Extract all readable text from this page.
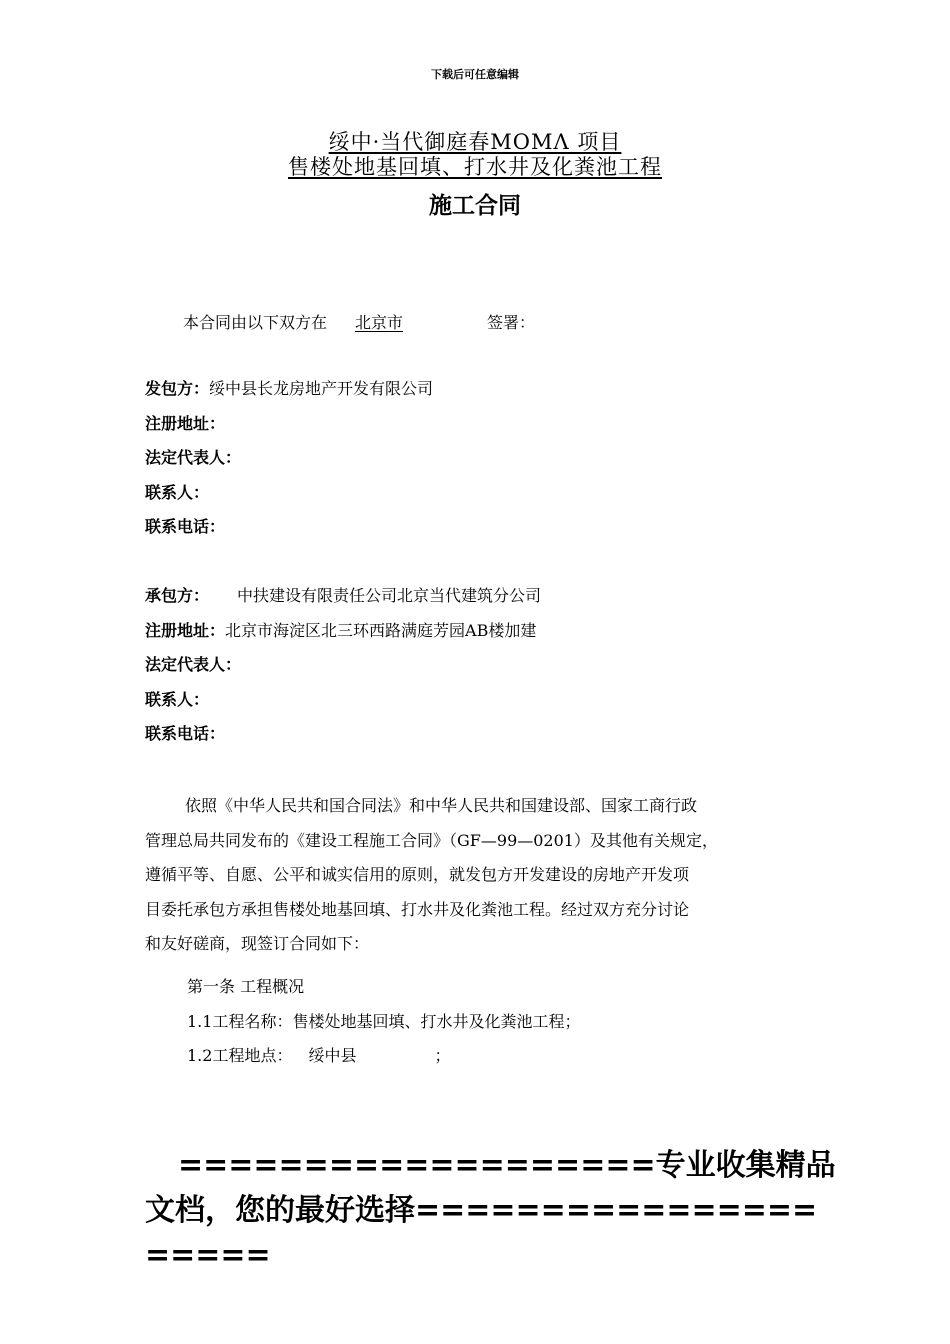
下载后可任意编辑
绥中·当代御庭春MOMΛ 项目
售楼处地基回填、打水井及化粪池工程
施工合同
本合同由以下双方在 北京市	签署：
发包方：绥中县长龙房地产开发有限公司
注册地址：
法定代表人：
联系人：
联系电话：
承包方： 中扶建设有限责任公司北京当代建筑分公司
注册地址：北京市海淀区北三环西路满庭芳园AB楼加建
法定代表人：
联系人：
联系电话：
依照《中华人民共和国合同法》和中华人民共和国建设部、国家工商行政
管理总局共同发布的《建设工程施工合同》（GF—99—0201）及其他有关规定，
遵循平等、自愿、公平和诚实信用的原则，就发包方开发建设的房地产开发项
目委托承包方承担售楼处地基回填、打水井及化粪池工程。经过双方充分讨论
和友好磋商，现签订合同如下：
第一条 工程概况
1.1工程名称：售楼处地基回填、打水井及化粪池工程；
1.2工程地点： 绥中县	；
===================专业收集精品
文档，您的最好选择================
=====
